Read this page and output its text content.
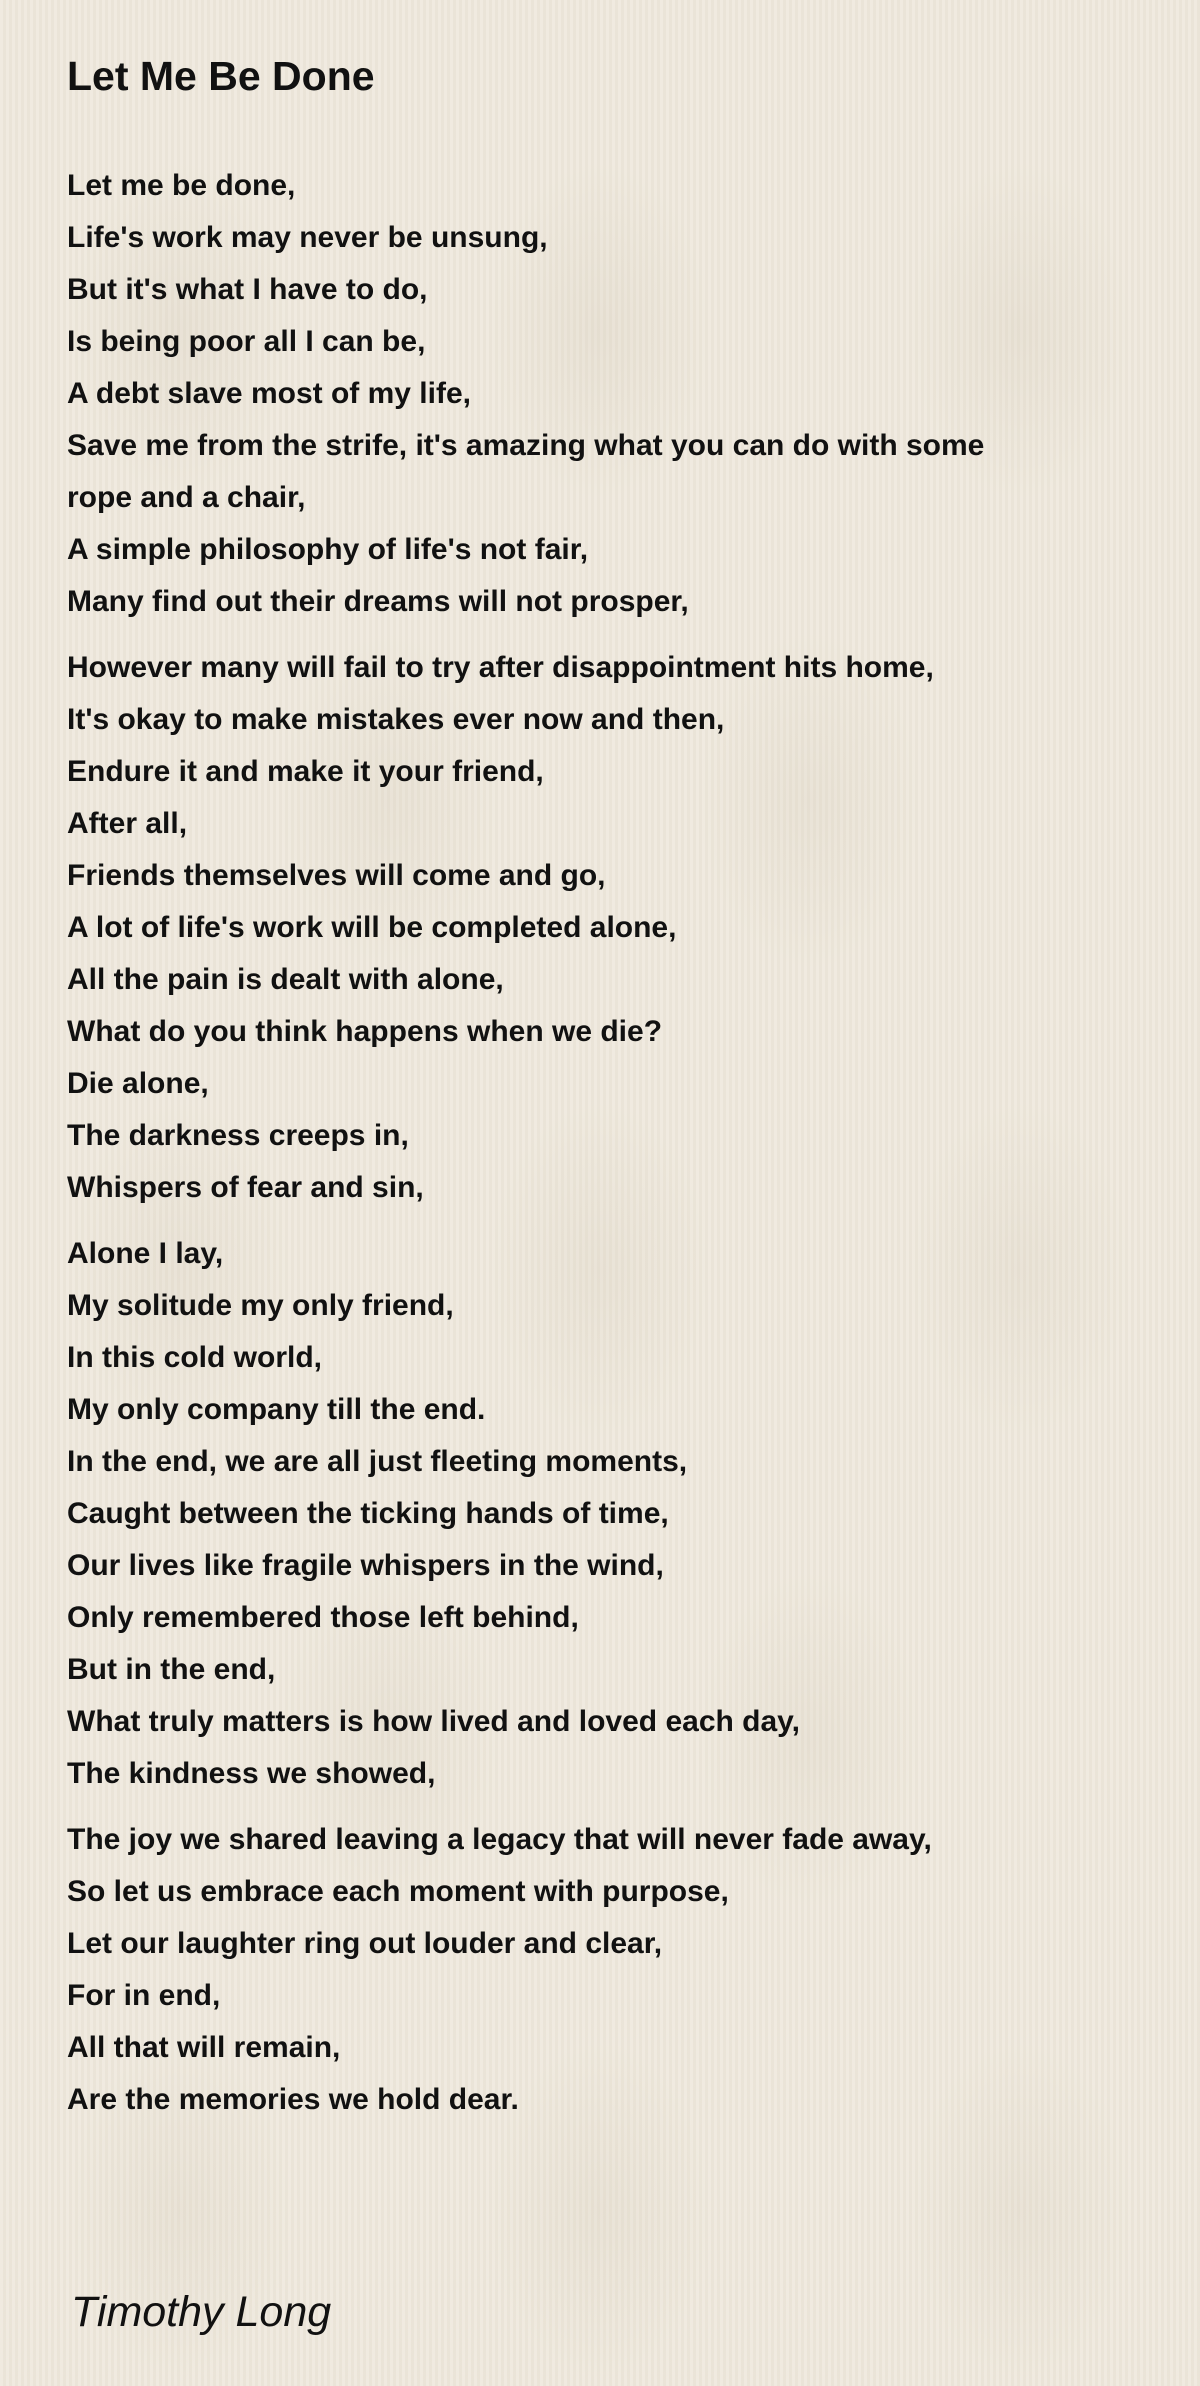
Let Me Be Done
Let me be done,
Life's work may never be unsung,
But it's what I have to do,
Is being poor all I can be,
A debt slave most of my life,
Save me from the strife, it's amazing what you can do with some
rope and a chair,
A simple philosophy of life's not fair,
Many find out their dreams will not prosper,
However many will fail to try after disappointment hits home,
It's okay to make mistakes ever now and then,
Endure it and make it your friend,
After all,
Friends themselves will come and go,
A lot of life's work will be completed alone,
All the pain is dealt with alone,
What do you think happens when we die?
Die alone,
The darkness creeps in,
Whispers of fear and sin,
Alone I lay,
My solitude my only friend,
In this cold world,
My only company till the end.
In the end, we are all just fleeting moments,
Caught between the ticking hands of time,
Our lives like fragile whispers in the wind,
Only remembered those left behind,
But in the end,
What truly matters is how lived and loved each day,
The kindness we showed,
The joy we shared leaving a legacy that will never fade away,
So let us embrace each moment with purpose,
Let our laughter ring out louder and clear,
For in end,
All that will remain,
Are the memories we hold dear.
Timothy Long
